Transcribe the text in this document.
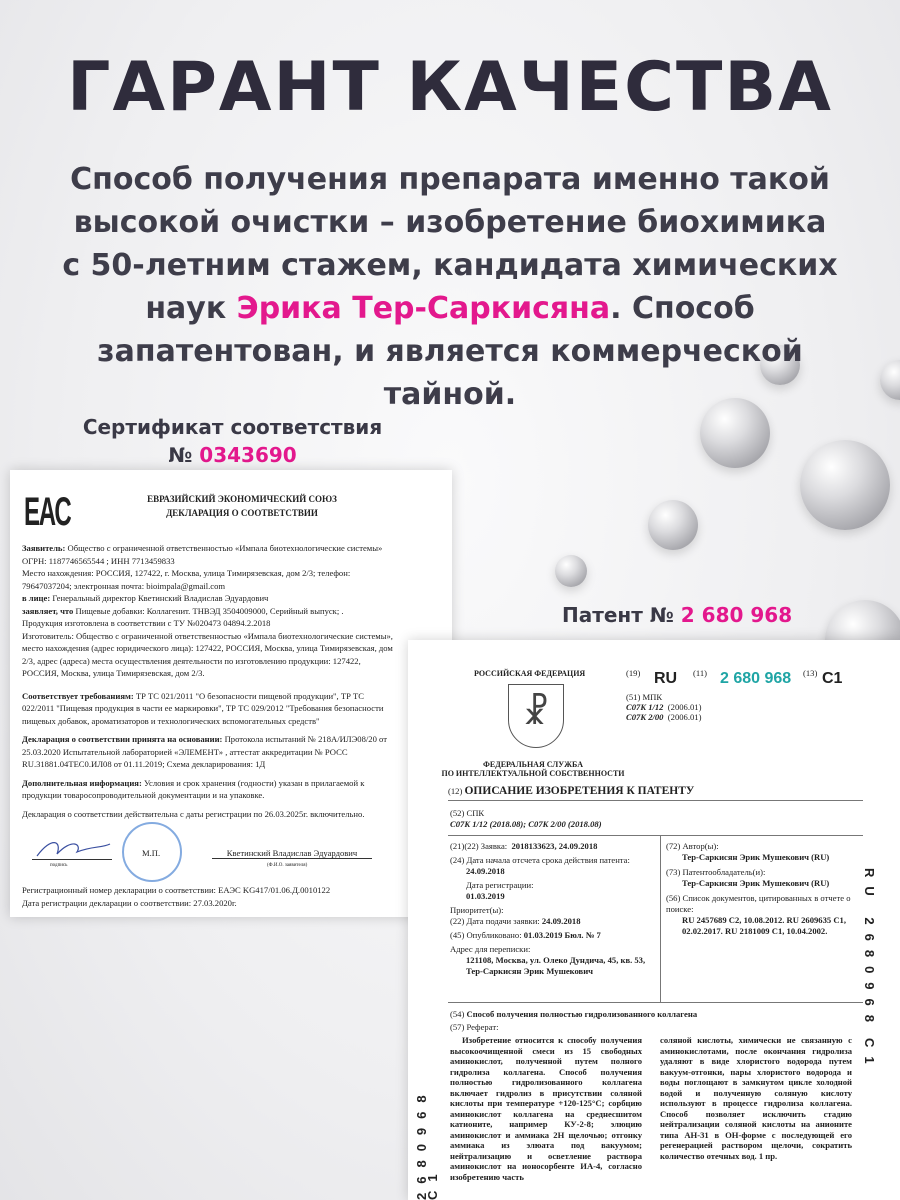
ГАРАНТ КАЧЕСТВА
Способ получения препарата именно такой высокой очистки – изобретение биохимика с 50-летним стажем, кандидата химических наук Эрика Тер-Саркисяна. Способ запатентован, и является коммерческой тайной.
Сертификат соответствия
№ 0343690
Патент № 2 680 968
ЕАС	ЕВРАЗИЙСКИЙ ЭКОНОМИЧЕСКИЙ СОЮЗ
ДЕКЛАРАЦИЯ О СООТВЕТСТВИИ

Заявитель: Общество с ограниченной ответственностью «Импала биотехнологические системы»

ОГРН: 1187746565544 ; ИНН 7713459833

Место нахождения: РОССИЯ, 127422, г. Москва, улица Тимирязевская, дом 2/3; телефон: 79647037204; электронная почта: bioimpala@gmail.com

в лице: Генеральный директор Кветинский Владислав Эдуардович

заявляет, что Пищевые добавки: Коллагенит. ТНВЭД 3504009000, Серийный выпуск; .

Продукция изготовлена в соответствии с ТУ №020473 04894.2.2018

Изготовитель: Общество с ограниченной ответственностью «Импала биотехнологические системы», место нахождения (адрес юридического лица): 127422, РОССИЯ, Москва, улица Тимирязевская, дом 2/3, адрес (адреса) места осуществления деятельности по изготовлению продукции: 127422, РОССИЯ, Москва, улица Тимирязевская, дом 2/3.

Соответствует требованиям: ТР ТС 021/2011 "О безопасности пищевой продукции", ТР ТС 022/2011 "Пищевая продукция в части ее маркировки", ТР ТС 029/2012 "Требования безопасности пищевых добавок, ароматизаторов и технологических вспомогательных средств"

Декларация о соответствии принята на основании: Протокола испытаний № 218А/ИЛЭ08/20 от 25.03.2020 Испытательной лабораторией «ЭЛЕМЕНТ» , аттестат аккредитации № РОСС RU.31881.04ТЕС0.ИЛ08 от 01.11.2019; Схема декларирования: 1Д

Дополнительная информация: Условия и срок хранения (годности) указан в прилагаемой к продукции товаросопроводительной документации и на упаковке.

Декларация о соответствии действительна с даты регистрации по 26.03.2025г. включительно.

подпись
М.П.	Кветинский Владислав Эдуардович
(Ф.И.О. заявителя)
Регистрационный номер декларации о соответствии: ЕАЭС KG417/01.06.Д.0010122
Дата регистрации декларации о соответствии: 27.03.2020г.
РОССИЙСКАЯ ФЕДЕРАЦИЯ
☧
ФЕДЕРАЛЬНАЯ СЛУЖБА
ПО ИНТЕЛЛЕКТУАЛЬНОЙ СОБСТВЕННОСТИ
(19) RU (11) 2 680 968 (13) C1
(51) МПК
C07K 1/12 (2006.01)
C07K 2/00 (2006.01)
(12) ОПИСАНИЕ ИЗОБРЕТЕНИЯ К ПАТЕНТУ
(52) СПК
C07K 1/12 (2018.08); C07K 2/00 (2018.08)
(21)(22) Заявка: 2018133623, 24.09.2018
(24) Дата начала отсчета срока действия патента:
24.09.2018
Дата регистрации:
01.03.2019
Приоритет(ы):
(22) Дата подачи заявки: 24.09.2018
(45) Опубликовано: 01.03.2019 Бюл. № 7
Адрес для переписки:
121108, Москва, ул. Олеко Дундича, 45, кв. 53, Тер-Саркисян Эрик Мушекович
(72) Автор(ы):
Тер-Саркисян Эрик Мушекович (RU)
(73) Патентообладатель(и):
Тер-Саркисян Эрик Мушекович (RU)
(56) Список документов, цитированных в отчете о поиске:
RU 2457689 C2, 10.08.2012. RU 2609635 C1, 02.02.2017. RU 2181009 C1, 10.04.2002.
(54) Способ получения полностью гидролизованного коллагена
(57) Реферат:
Изобретение относится к способу получения высокоочищенной смеси из 15 свободных аминокислот, полученной путем полного гидролиза коллагена. Способ получения полностью гидролизованного коллагена включает гидролиз в присутствии соляной кислоты при температуре +120-125°C; сорбцию аминокислот коллагена на среднесшитом катионите, например КУ-2-8; элюцию аминокислот и аммиака 2Н щелочью; отгонку аммиака из элюата под вакуумом; нейтрализацию и осветление раствора аминокислот на ионосорбенте ИА-4, согласно изобретению часть
соляной кислоты, химически не связанную с аминокислотами, после окончания гидролиза удаляют в виде хлористого водорода путем вакуум-отгонки, пары хлористого водорода и воды поглощают в замкнутом цикле холодной водой и полученную соляную кислоту используют в процессе гидролиза коллагена. Способ позволяет исключить стадию нейтрализации соляной кислоты на анионите типа АН-31 в ОН-форме с последующей его регенерацией раствором щелочи, сократить количество отечных вод. 1 пр.
RU 2680968
C1
2680968 C1
